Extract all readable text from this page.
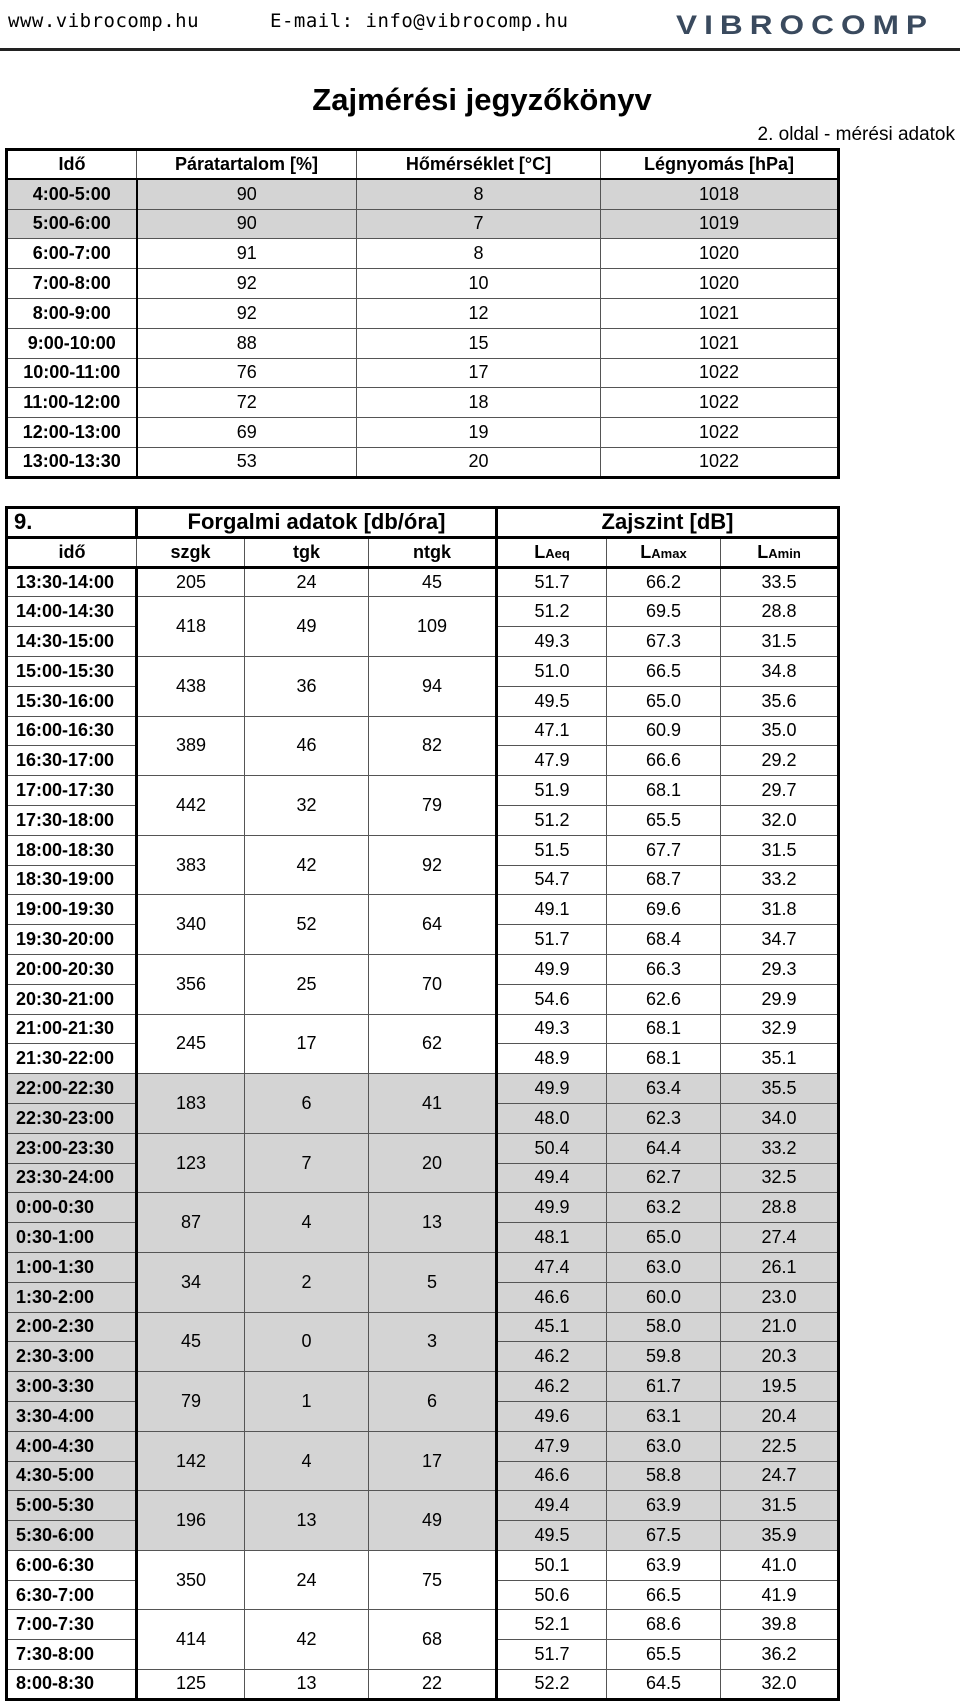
www.vibrocomp.hu	E-mail: info@vibrocomp.hu	VIBROCOMP
Zajmérési jegyzőkönyv
2. oldal - mérési adatok
Idő	Páratartalom [%]	Hőmérséklet [°C]	Légnyomás [hPa]
4:00-5:00	90	8	1018
5:00-6:00	90	7	1019
6:00-7:00	91	8	1020
7:00-8:00	92	10	1020
8:00-9:00	92	12	1021
9:00-10:00	88	15	1021
10:00-11:00	76	17	1022
11:00-12:00	72	18	1022
12:00-13:00	69	19	1022
13:00-13:30	53	20	1022
9.	Forgalmi adatok [db/óra]			Zajszint [dB]		
idő	szgk	tgk	ntgk	LAeq	LAmax	LAmin
13:30-14:00	205	24	45	51.7	66.2	33.5
14:00-14:30	418	49	109	51.2	69.5	28.8
14:30-15:00				49.3	67.3	31.5
15:00-15:30	438	36	94	51.0	66.5	34.8
15:30-16:00				49.5	65.0	35.6
16:00-16:30	389	46	82	47.1	60.9	35.0
16:30-17:00				47.9	66.6	29.2
17:00-17:30	442	32	79	51.9	68.1	29.7
17:30-18:00				51.2	65.5	32.0
18:00-18:30	383	42	92	51.5	67.7	31.5
18:30-19:00				54.7	68.7	33.2
19:00-19:30	340	52	64	49.1	69.6	31.8
19:30-20:00				51.7	68.4	34.7
20:00-20:30	356	25	70	49.9	66.3	29.3
20:30-21:00				54.6	62.6	29.9
21:00-21:30	245	17	62	49.3	68.1	32.9
21:30-22:00				48.9	68.1	35.1
22:00-22:30	183	6	41	49.9	63.4	35.5
22:30-23:00				48.0	62.3	34.0
23:00-23:30	123	7	20	50.4	64.4	33.2
23:30-24:00				49.4	62.7	32.5
0:00-0:30	87	4	13	49.9	63.2	28.8
0:30-1:00				48.1	65.0	27.4
1:00-1:30	34	2	5	47.4	63.0	26.1
1:30-2:00				46.6	60.0	23.0
2:00-2:30	45	0	3	45.1	58.0	21.0
2:30-3:00				46.2	59.8	20.3
3:00-3:30	79	1	6	46.2	61.7	19.5
3:30-4:00				49.6	63.1	20.4
4:00-4:30	142	4	17	47.9	63.0	22.5
4:30-5:00				46.6	58.8	24.7
5:00-5:30	196	13	49	49.4	63.9	31.5
5:30-6:00				49.5	67.5	35.9
6:00-6:30	350	24	75	50.1	63.9	41.0
6:30-7:00				50.6	66.5	41.9
7:00-7:30	414	42	68	52.1	68.6	39.8
7:30-8:00				51.7	65.5	36.2
8:00-8:30	125	13	22	52.2	64.5	32.0
